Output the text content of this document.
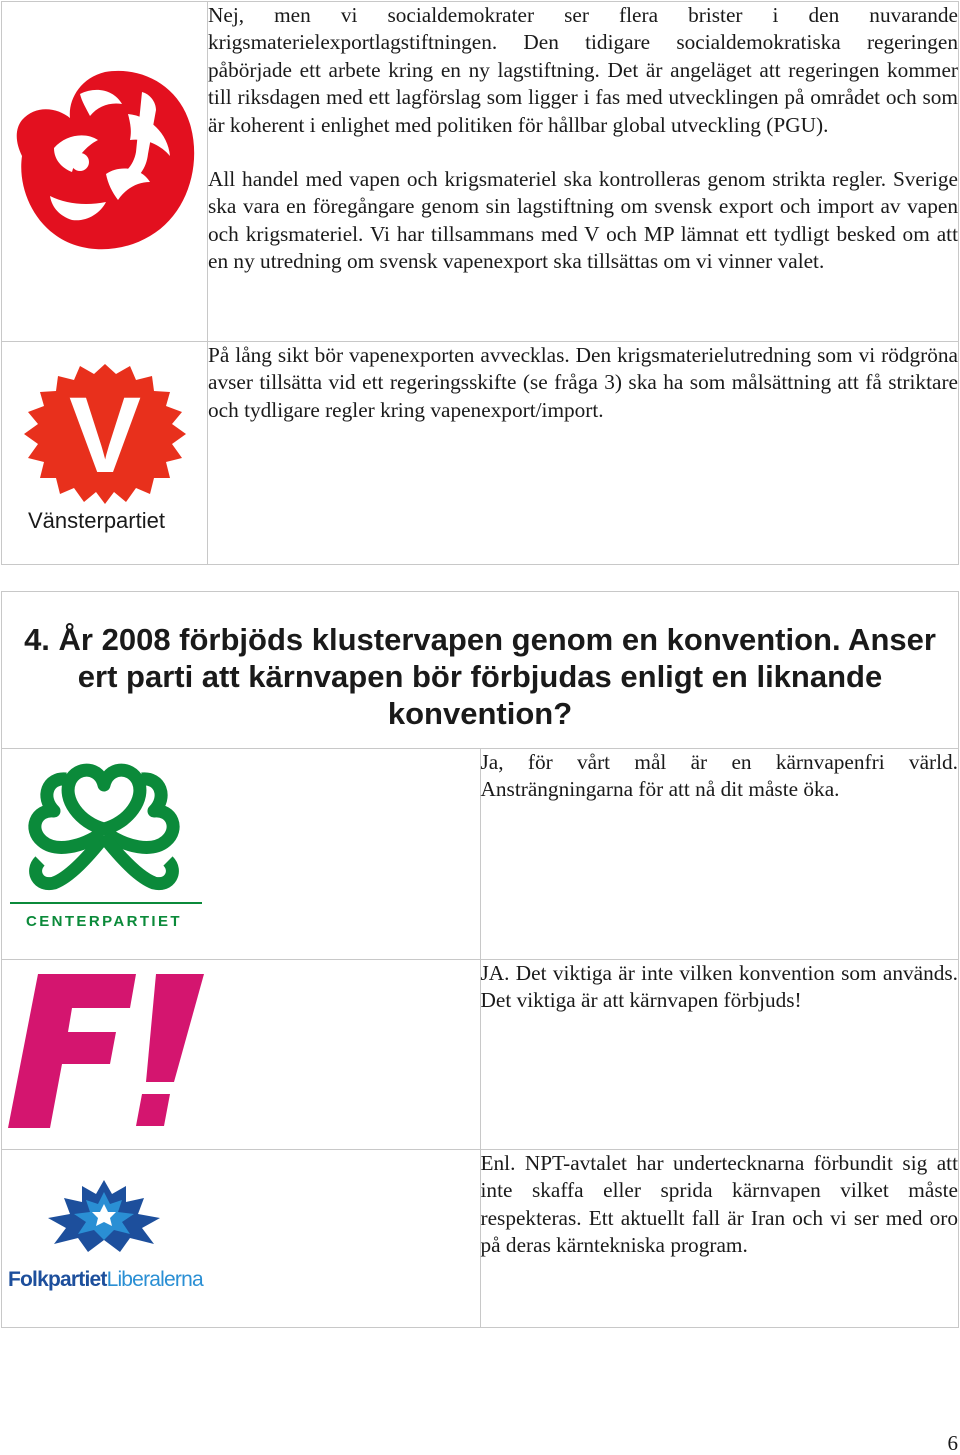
Nej, men vi socialdemokrater ser flera brister i den nuvarande krigsmaterielexportlagstiftningen. Den tidigare socialdemokratiska regeringen påbörjade ett arbete kring en ny lagstiftning. Det är angeläget att regeringen kommer till riksdagen med ett lagförslag som ligger i fas med utvecklingen på området och som är koherent i enlighet med politiken för hållbar global utveckling (PGU).

All handel med vapen och krigsmateriel ska kontrolleras genom strikta regler. Sverige ska vara en föregångare genom sin lagstiftning om svensk export och import av vapen och krigsmateriel. Vi har tillsammans med V och MP lämnat ett tydligt besked om att en ny utredning om svensk vapenexport ska tillsättas om vi vinner valet.

V
Vänsterpartiet	På lång sikt bör vapenexporten avvecklas. Den krigsmaterielutredning som vi rödgröna avser tillsätta vid ett regeringsskifte (se fråga 3) ska ha som målsättning att få striktare och tydligare regler kring vapenexport/import.

4. År 2008 förbjöds klustervapen genom en konvention. Anser ert parti att kärnvapen bör förbjudas enligt en liknande konvention?	

CENTERPARTIET	Ja, för vårt mål är en kärnvapenfri värld. Ansträngningarna för att nå dit måste öka.

JA. Det viktiga är inte vilken konvention som används. Det viktiga är att kärnvapen förbjuds!

FolkpartietLiberalerna	Enl. NPT-avtalet har undertecknarna förbundit sig att inte skaffa eller sprida kärnvapen vilket måste respekteras. Ett aktuellt fall är Iran och vi ser med oro på deras kärntekniska program.

6
